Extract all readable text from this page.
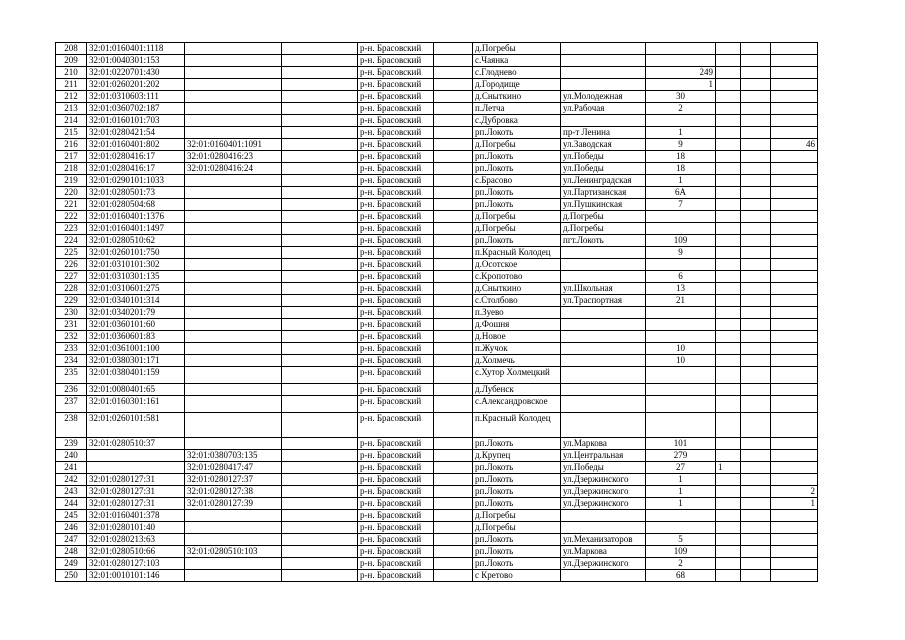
208	32:01:0160401:1118			р-н. Брасовский		д.Погребы					
209	32:01:0040301:153			р-н. Брасовский		с.Чаянка					
210	32:01:0220701:430			р-н. Брасовский		с.Глодневo		249			
211	32:01:0260201:202			р-н. Брасовский		д.Городище		1			
212	32:01:0310603:111			р-н. Брасовский		д.Сныткино	ул.Молодежная	30			
213	32:01:0360702:187			р-н. Брасовский		п.Летча	ул.Рабочая	2			
214	32:01:0160101:703			р-н. Брасовский		с.Дубровка					
215	32:01:0280421:54			р-н. Брасовский		рп.Локоть	пр-т Ленина	1			
216	32:01:0160401:802	32:01:0160401:1091		р-н. Брасовский		д.Погребы	ул.Заводская	9			46
217	32:01:0280416:17	32:01:0280416:23		р-н. Брасовский		рп.Локоть	ул.Победы	18			
218	32:01:0280416:17	32:01:0280416:24		р-н. Брасовский		рп.Локоть	ул.Победы	18			
219	32:01:0290101:1033			р-н. Брасовский		с.Брасово	ул.Ленинградская	1			
220	32:01:0280501:73			р-н. Брасовский		рп.Локоть	ул.Партизанская	6А			
221	32:01:0280504:68			р-н. Брасовский		рп.Локоть	ул.Пушкинская	7			
222	32:01:0160401:1376			р-н. Брасовский		д.Погребы	д.Погребы				
223	32:01:0160401:1497			р-н. Брасовский		д.Погребы	д.Погребы				
224	32:01:0280510:62			р-н. Брасовский		рп.Локоть	пгт.Локоть	109			
225	32:01:0260101:750			р-н. Брасовский		п.Красный Колодец		9			
226	32:01:0310101:302			р-н. Брасовский		д.Осотское					
227	32:01:0310301:135			р-н. Брасовский		с.Кропотово		6			
228	32:01:0310601:275			р-н. Брасовский		д.Сныткино	ул.Школьная	13			
229	32:01:0340101:314			р-н. Брасовский		с.Столбово	ул.Траспортная	21			
230	32:01:0340201:79			р-н. Брасовский		п.Зуево					
231	32:01:0360101:60			р-н. Брасовский		д.Фошня					
232	32:01:0360601:83			р-н. Брасовский		д.Новое					
233	32:01:0361001:100			р-н. Брасовский		п.Жучок		10			
234	32:01:0380301:171			р-н. Брасовский		д.Холмечь		10			
235	32:01:0380401:159			р-н. Брасовский		с.Хутор Холмецкий					
236	32:01:0080401:65			р-н. Брасовский		д.Лубенск					
237	32:01:0160301:161			р-н. Брасовский		с.Александровское					
238	32:01:0260101:581			р-н. Брасовский		п.Красный Колодец					
239	32:01:0280510:37			р-н. Брасовский		рп.Локоть	ул.Маркова	101			
240		32:01:0380703:135		р-н. Брасовский		д.Крупец	ул.Центральная	279			
241		32:01:0280417:47		р-н. Брасовский		рп.Локоть	ул.Победы	27	1		
242	32:01:0280127:31	32:01:0280127:37		р-н. Брасовский		рп.Локоть	ул.Дзержинского	1			
243	32:01:0280127:31	32:01:0280127:38		р-н. Брасовский		рп.Локоть	ул.Дзержинского	1			2
244	32:01:0280127:31	32:01:0280127:39		р-н. Брасовский		рп.Локоть	ул.Дзержинского	1			1
245	32:01:0160401:378			р-н. Брасовский		д.Погребы					
246	32:01:0280101:40			р-н. Брасовский		д.Погребы					
247	32:01:0280213:63			р-н. Брасовский		рп.Локоть	ул.Механизаторов	5			
248	32:01:0280510:66	32:01:0280510:103		р-н. Брасовский		рп.Локоть	ул.Маркова	109			
249	32:01:0280127:103			р-н. Брасовский		рп.Локоть	ул.Дзержинского	2			
250	32:01:0010101:146			р-н. Брасовский		с Кретово		68			
